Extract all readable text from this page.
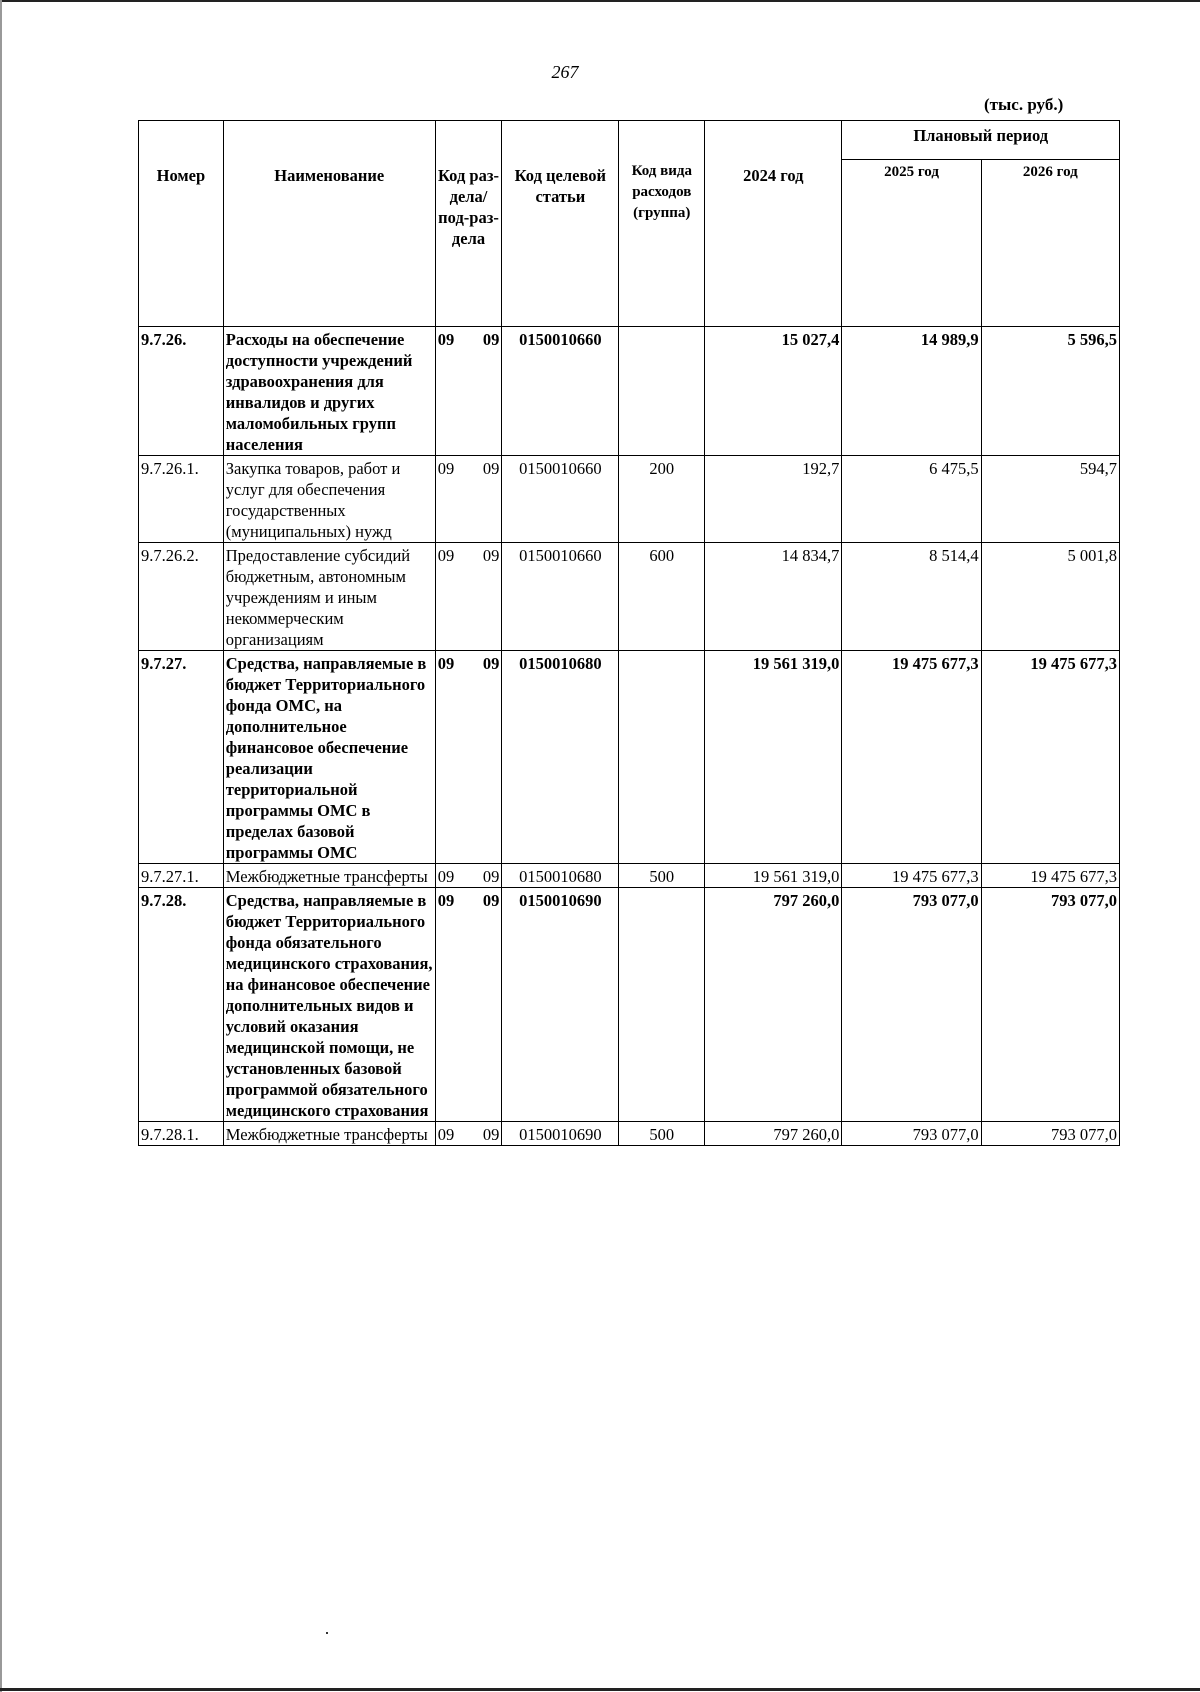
267
(тыс. руб.)
Номер	Наименование	Код раз-дела/ под-раз-дела	Код целевой статьи	Код вида расходов (группа)	2024 год	Плановый период	
						2025 год	2026 год
9.7.26.	Расходы на обеспечение доступности учреждений здравоохранения для инвалидов и других маломобильных групп населения	09 09	0150010660		15 027,4	14 989,9	5 596,5
9.7.26.1.	Закупка товаров, работ и услуг для обеспечения государственных (муниципальных) нужд	09 09	0150010660	200	192,7	6 475,5	594,7
9.7.26.2.	Предоставление субсидий бюджетным, автономным учреждениям и иным некоммерческим организациям	09 09	0150010660	600	14 834,7	8 514,4	5 001,8
9.7.27.	Средства, направляемые в бюджет Территориального фонда ОМС, на дополнительное финансовое обеспечение реализации территориальной программы ОМС в пределах базовой программы ОМС	09 09	0150010680		19 561 319,0	19 475 677,3	19 475 677,3
9.7.27.1.	Межбюджетные трансферты	09 09	0150010680	500	19 561 319,0	19 475 677,3	19 475 677,3
9.7.28.	Средства, направляемые в бюджет Территориального фонда обязательного медицинского страхования, на финансовое обеспечение дополнительных видов и условий оказания медицинской помощи, не установленных базовой программой обязательного медицинского страхования	09 09	0150010690		797 260,0	793 077,0	793 077,0
9.7.28.1.	Межбюджетные трансферты	09 09	0150010690	500	797 260,0	793 077,0	793 077,0
